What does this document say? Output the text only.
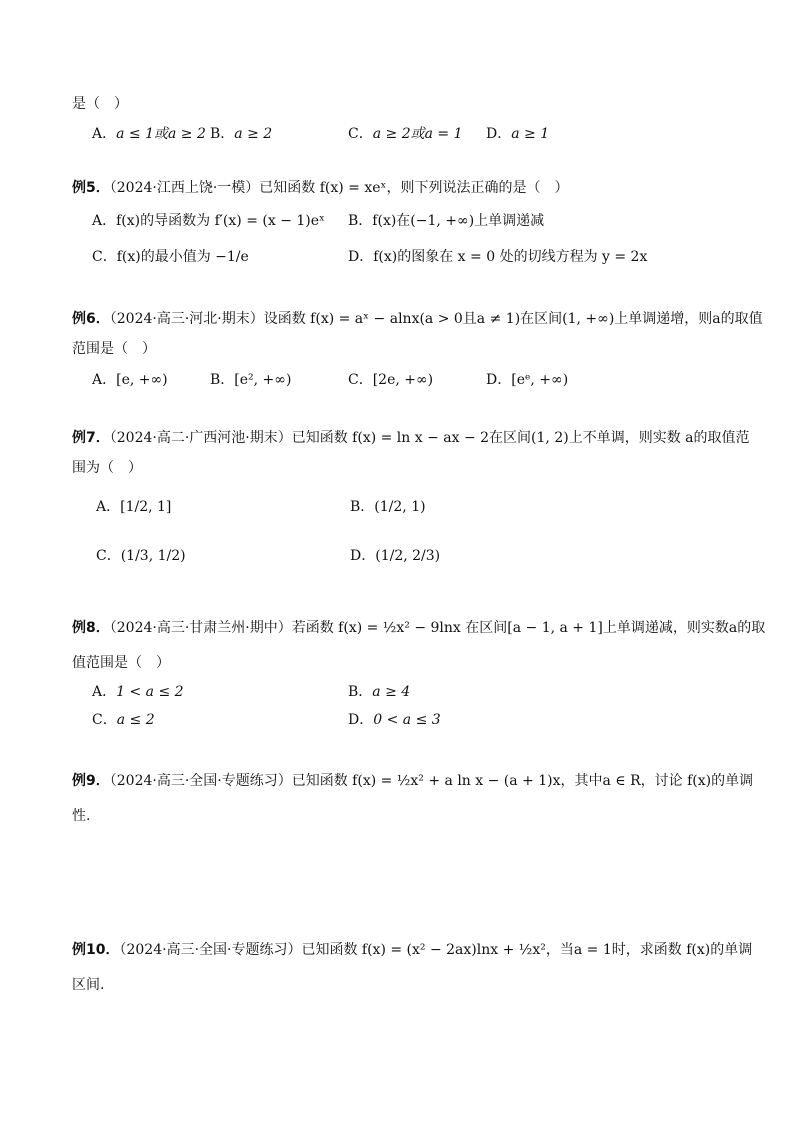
是（　）
A．a ≤ 1或a ≥ 2 B．a ≥ 2	C．a ≥ 2或a = 1 D．a ≥ 1
例5．（2024·江西上饶·一模）已知函数 f(x) = xeˣ，则下列说法正确的是（　）
A．f(x)的导函数为 f′(x) = (x − 1)eˣ B．f(x)在(−1, +∞)上单调递减
C．f(x)的最小值为 −1/e	D．f(x)的图象在 x = 0 处的切线方程为 y = 2x
例6．（2024·高三·河北·期末）设函数 f(x) = aˣ − alnx(a > 0且a ≠ 1)在区间(1, +∞)上单调递增，则a的取值
范围是（　）
A．[e, +∞)	B．[e², +∞)	C．[2e, +∞)	D．[eᵉ, +∞)
例7．（2024·高二·广西河池·期末）已知函数 f(x) = ln x − ax − 2在区间(1, 2)上不单调，则实数 a的取值范
围为（　）
A．[1/2, 1]	B．(1/2, 1)
C．(1/3, 1/2)	D．(1/2, 2/3)
例8．（2024·高三·甘肃兰州·期中）若函数 f(x) = ½x² − 9lnx 在区间[a − 1, a + 1]上单调递减，则实数a的取
值范围是（　）
A．1 < a ≤ 2	B．a ≥ 4
C．a ≤ 2	D．0 < a ≤ 3
例9．（2024·高三·全国·专题练习）已知函数 f(x) = ½x² + a ln x − (a + 1)x，其中a ∈ R，讨论 f(x)的单调
性.
例10．（2024·高三·全国·专题练习）已知函数 f(x) = (x² − 2ax)lnx + ½x²，当a = 1时，求函数 f(x)的单调
区间.
